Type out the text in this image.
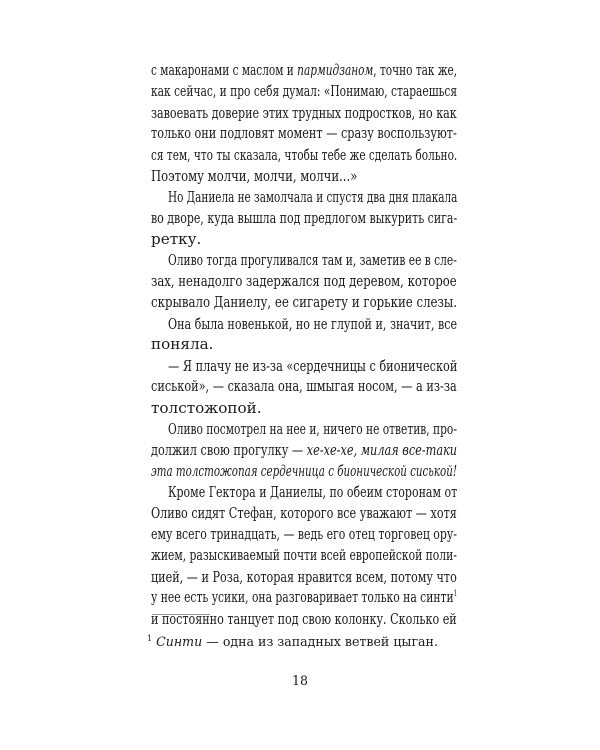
с макаронами с маслом и пармидзаном, точно так же,
как сейчас, и про себя думал: «Понимаю, стараешься
завоевать доверие этих трудных подростков, но как
только они подловят момент — сразу воспользуют-
ся тем, что ты сказала, чтобы тебе же сделать больно.
Поэтому молчи, молчи, молчи...»
Но Даниела не замолчала и спустя два дня плакала
во дворе, куда вышла под предлогом выкурить сига-
ретку.
Оливо тогда прогуливался там и, заметив ее в сле-
зах, ненадолго задержался под деревом, которое
скрывало Даниелу, ее сигарету и горькие слезы.
Она была новенькой, но не глупой и, значит, все
поняла.
— Я плачу не из-за «сердечницы с бионической
сиськой», — сказала она, шмыгая носом, — а из-за
толстожопой.
Оливо посмотрел на нее и, ничего не ответив, про-
должил свою прогулку — хе-хе-хе, милая все-таки
эта толстожопая сердечница с бионической сиськой!
Кроме Гектора и Даниелы, по обеим сторонам от
Оливо сидят Стефан, которого все уважают — хотя
ему всего тринадцать, — ведь его отец торговец ору-
жием, разыскиваемый почти всей европейской поли-
цией, — и Роза, которая нравится всем, потому что
у нее есть усики, она разговаривает только на синти$^1$
и постоянно танцует под свою колонку. Сколько ей
$^1$ Синти — одна из западных ветвей цыган.
18
